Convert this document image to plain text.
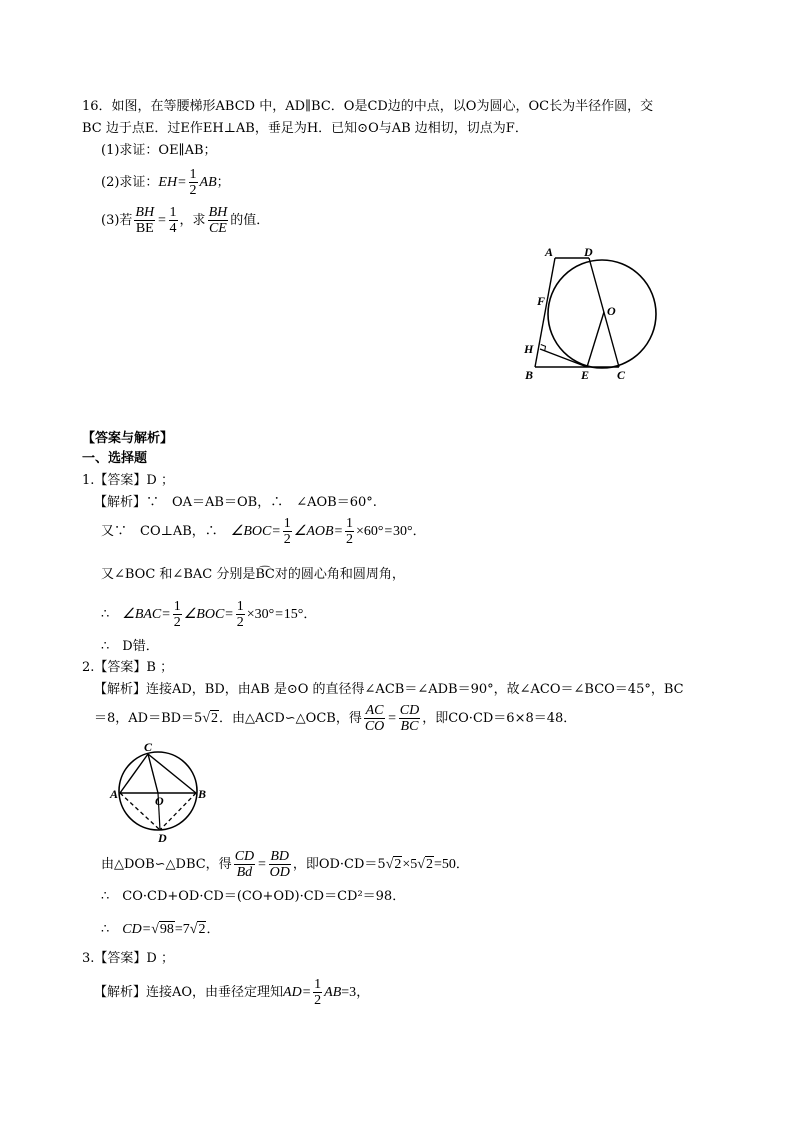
16．如图，在等腰梯形ABCD 中，AD∥BC．O是CD边的中点，以O为圆心，OC长为半径作圆，交
BC 边于点E．过E作EH⊥AB，垂足为H．已知⊙O与AB 边相切，切点为F．
(1)求证：OE∥AB；
(2)求证：$EH= \frac{1}{2}$ AB；
(3)若 $\frac{BH}{BE} = \frac{1}{4}$ ，求 $\frac{BH}{CE}$ 的值．
A	D
F
O
H
B	E C
【答案与解析】
一、选择题
1.【答案】D ；
【解析】∵　OA＝AB＝OB，∴　∠AOB＝60°.
又∵　CO⊥AB，∴　∠BOC= $\frac{1}{2}$ ∠AOB= $\frac{1}{2} \times 60^\circ=30^\circ$．
又∠BOC 和∠BAC 分别是B͡C对的圆心角和圆周角，
∴　∠BAC= $\frac{1}{2}$ ∠BOC= $\frac{1}{2} \times 30^\circ=15^\circ$．
∴　D错．
2.【答案】B ；
【解析】连接AD，BD，由AB 是⊙O 的直径得∠ACB＝∠ADB＝90°，故∠ACO＝∠BCO＝45°，BC
＝8，AD＝BD＝5√2．由△ACD∽△OCB，得 $\frac{AC}{CO} = \frac{CD}{BC}$ ，即CO·CD＝6×8＝48．
C
A	O	B
D
由△DOB∽△DBC，得 $\frac{CD}{Bd} = \frac{BD}{OD}$ ，即OD·CD＝5√2×5√2=50．
∴　CO·CD+OD·CD＝(CO+OD)·CD＝CD²＝98．
∴　CD=√98=7√2．
3.【答案】D ；
【解析】连接AO，由垂径定理知$AD= \frac{1}{2} AB=3$，
